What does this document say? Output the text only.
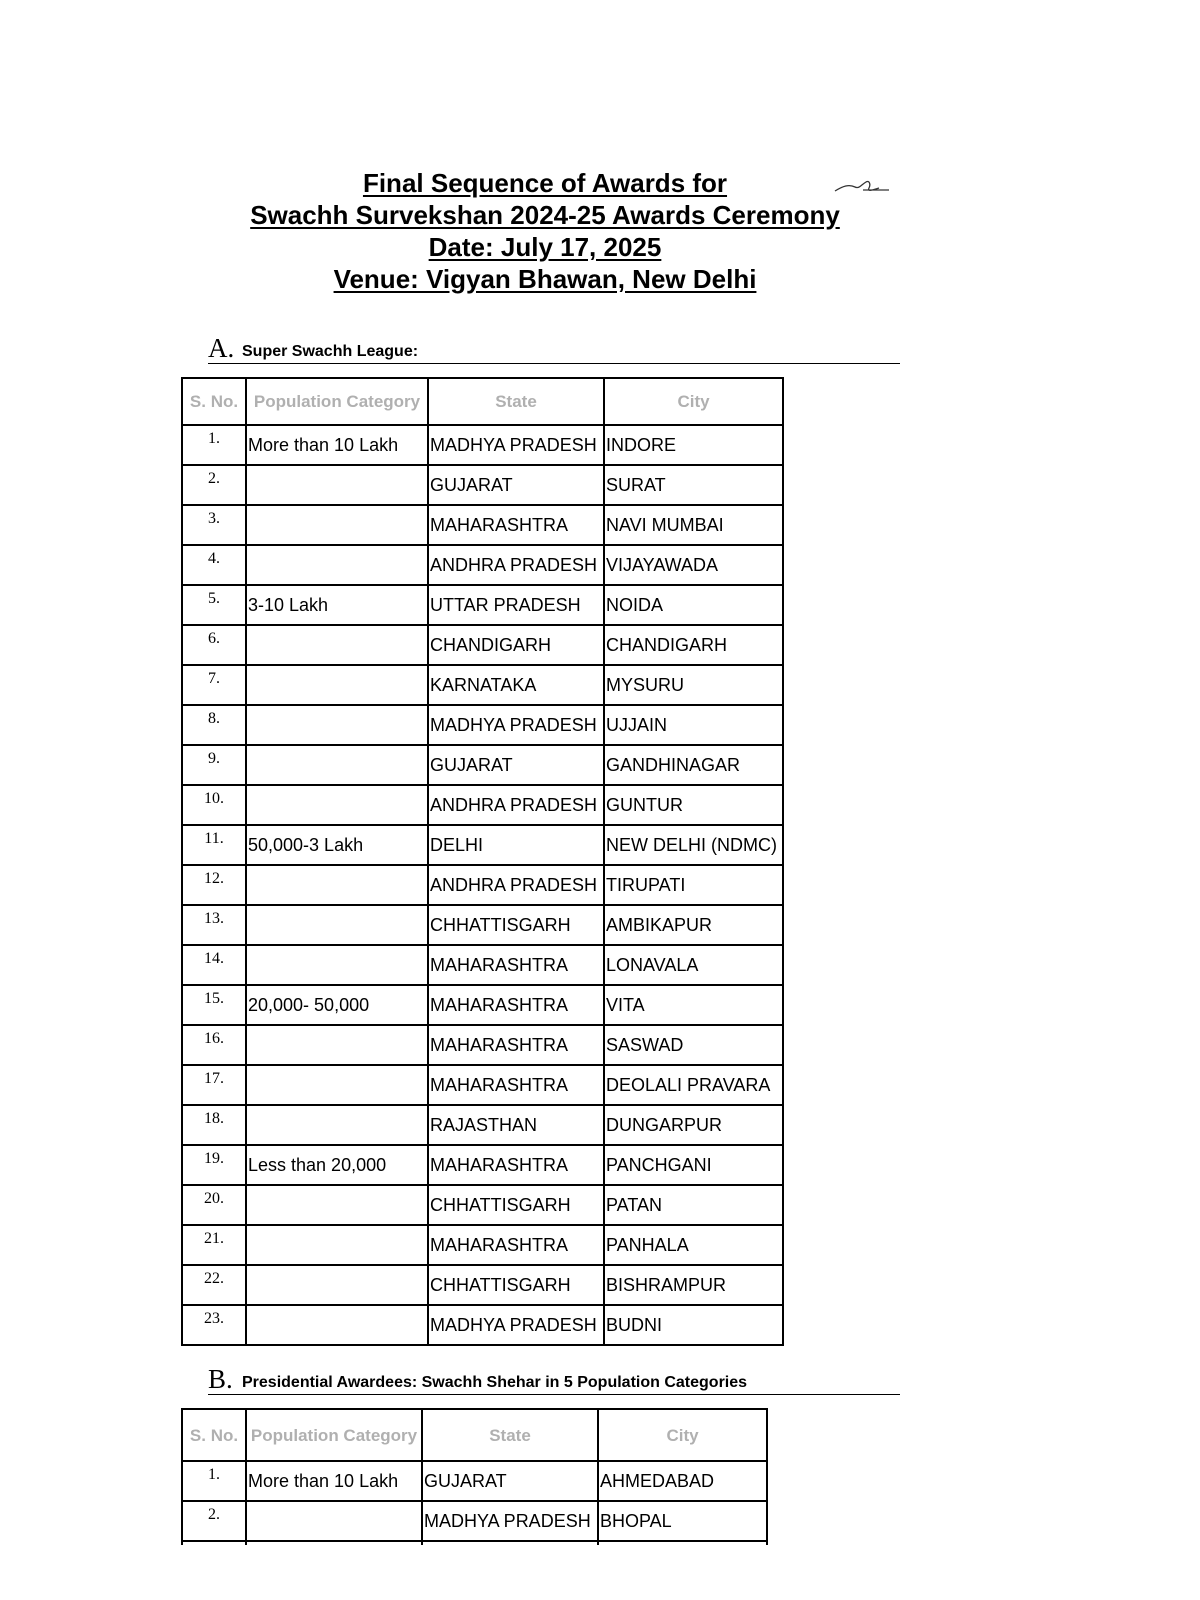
Final Sequence of Awards for
Swachh Survekshan 2024-25 Awards Ceremony
Date: July 17, 2025
Venue: Vigyan Bhawan, New Delhi
A. Super Swachh League:
S. No.	Population Category	State	City
1.	More than 10 Lakh	MADHYA PRADESH	INDORE
2.		GUJARAT	SURAT
3.		MAHARASHTRA	NAVI MUMBAI
4.		ANDHRA PRADESH	VIJAYAWADA
5.	3-10 Lakh	UTTAR PRADESH	NOIDA
6.		CHANDIGARH	CHANDIGARH
7.		KARNATAKA	MYSURU
8.		MADHYA PRADESH	UJJAIN
9.		GUJARAT	GANDHINAGAR
10.		ANDHRA PRADESH	GUNTUR
11.	50,000-3 Lakh	DELHI	NEW DELHI (NDMC)
12.		ANDHRA PRADESH	TIRUPATI
13.		CHHATTISGARH	AMBIKAPUR
14.		MAHARASHTRA	LONAVALA
15.	20,000- 50,000	MAHARASHTRA	VITA
16.		MAHARASHTRA	SASWAD
17.		MAHARASHTRA	DEOLALI PRAVARA
18.		RAJASTHAN	DUNGARPUR
19.	Less than 20,000	MAHARASHTRA	PANCHGANI
20.		CHHATTISGARH	PATAN
21.		MAHARASHTRA	PANHALA
22.		CHHATTISGARH	BISHRAMPUR
23.		MADHYA PRADESH	BUDNI
B. Presidential Awardees: Swachh Shehar in 5 Population Categories
S. No.	Population Category	State	City
1.	More than 10 Lakh	GUJARAT	AHMEDABAD
2.		MADHYA PRADESH	BHOPAL
